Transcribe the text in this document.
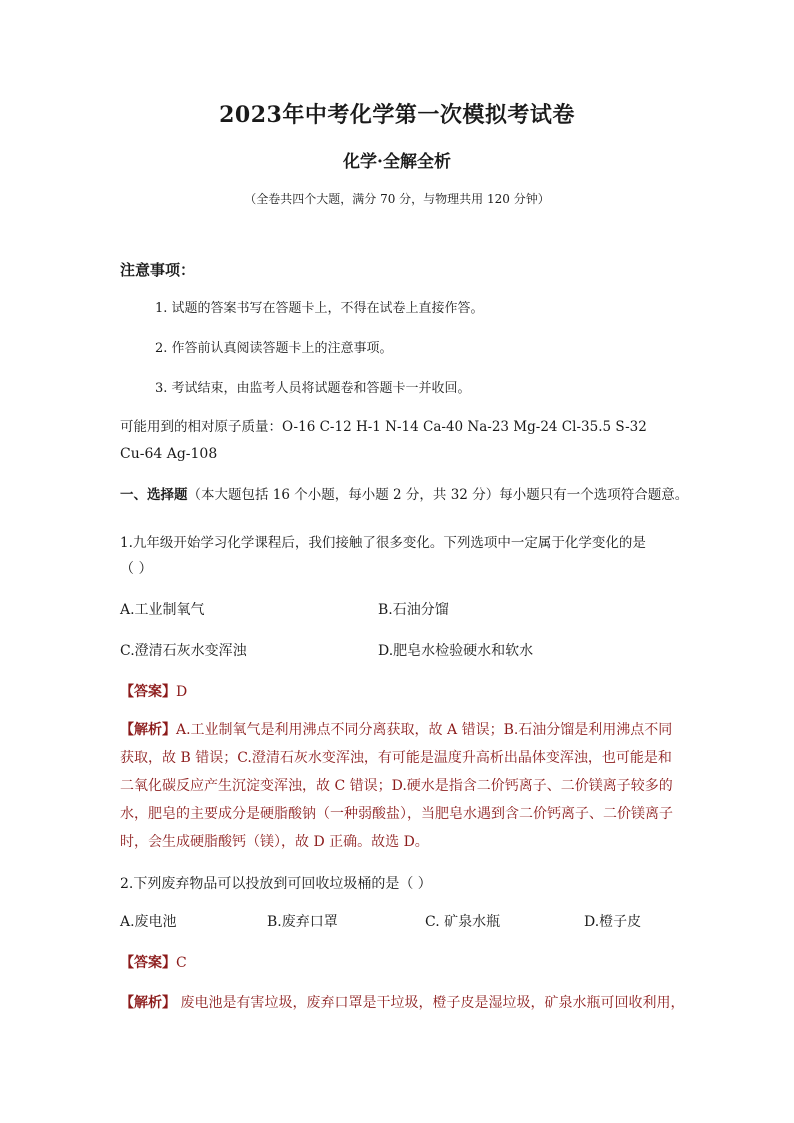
2023年中考化学第一次模拟考试卷
化学·全解全析
（全卷共四个大题，满分 70 分，与物理共用 120 分钟）
注意事项：
1. 试题的答案书写在答题卡上，不得在试卷上直接作答。
2. 作答前认真阅读答题卡上的注意事项。
3. 考试结束，由监考人员将试题卷和答题卡一并收回。
可能用到的相对原子质量：O-16 C-12 H-1 N-14 Ca-40 Na-23 Mg-24 Cl-35.5 S-32
Cu-64 Ag-108
一、选择题（本大题包括 16 个小题，每小题 2 分，共 32 分）每小题只有一个选项符合题意。
1.九年级开始学习化学课程后，我们接触了很多变化。下列选项中一定属于化学变化的是
（ ）
A.工业制氧气	B.石油分馏
C.澄清石灰水变浑浊	D.肥皂水检验硬水和软水
【答案】D
【解析】A.工业制氧气是利用沸点不同分离获取，故 A 错误；B.石油分馏是利用沸点不同
获取，故 B 错误；C.澄清石灰水变浑浊，有可能是温度升高析出晶体变浑浊，也可能是和
二氧化碳反应产生沉淀变浑浊，故 C 错误；D.硬水是指含二价钙离子、二价镁离子较多的
水，肥皂的主要成分是硬脂酸钠（一种弱酸盐），当肥皂水遇到含二价钙离子、二价镁离子
时，会生成硬脂酸钙（镁），故 D 正确。故选 D。
2.下列废弃物品可以投放到可回收垃圾桶的是（ ）
A.废电池	B.废弃口罩	C. 矿泉水瓶	D.橙子皮
【答案】C
【解析】 废电池是有害垃圾，废弃口罩是干垃圾，橙子皮是湿垃圾，矿泉水瓶可回收利用，
